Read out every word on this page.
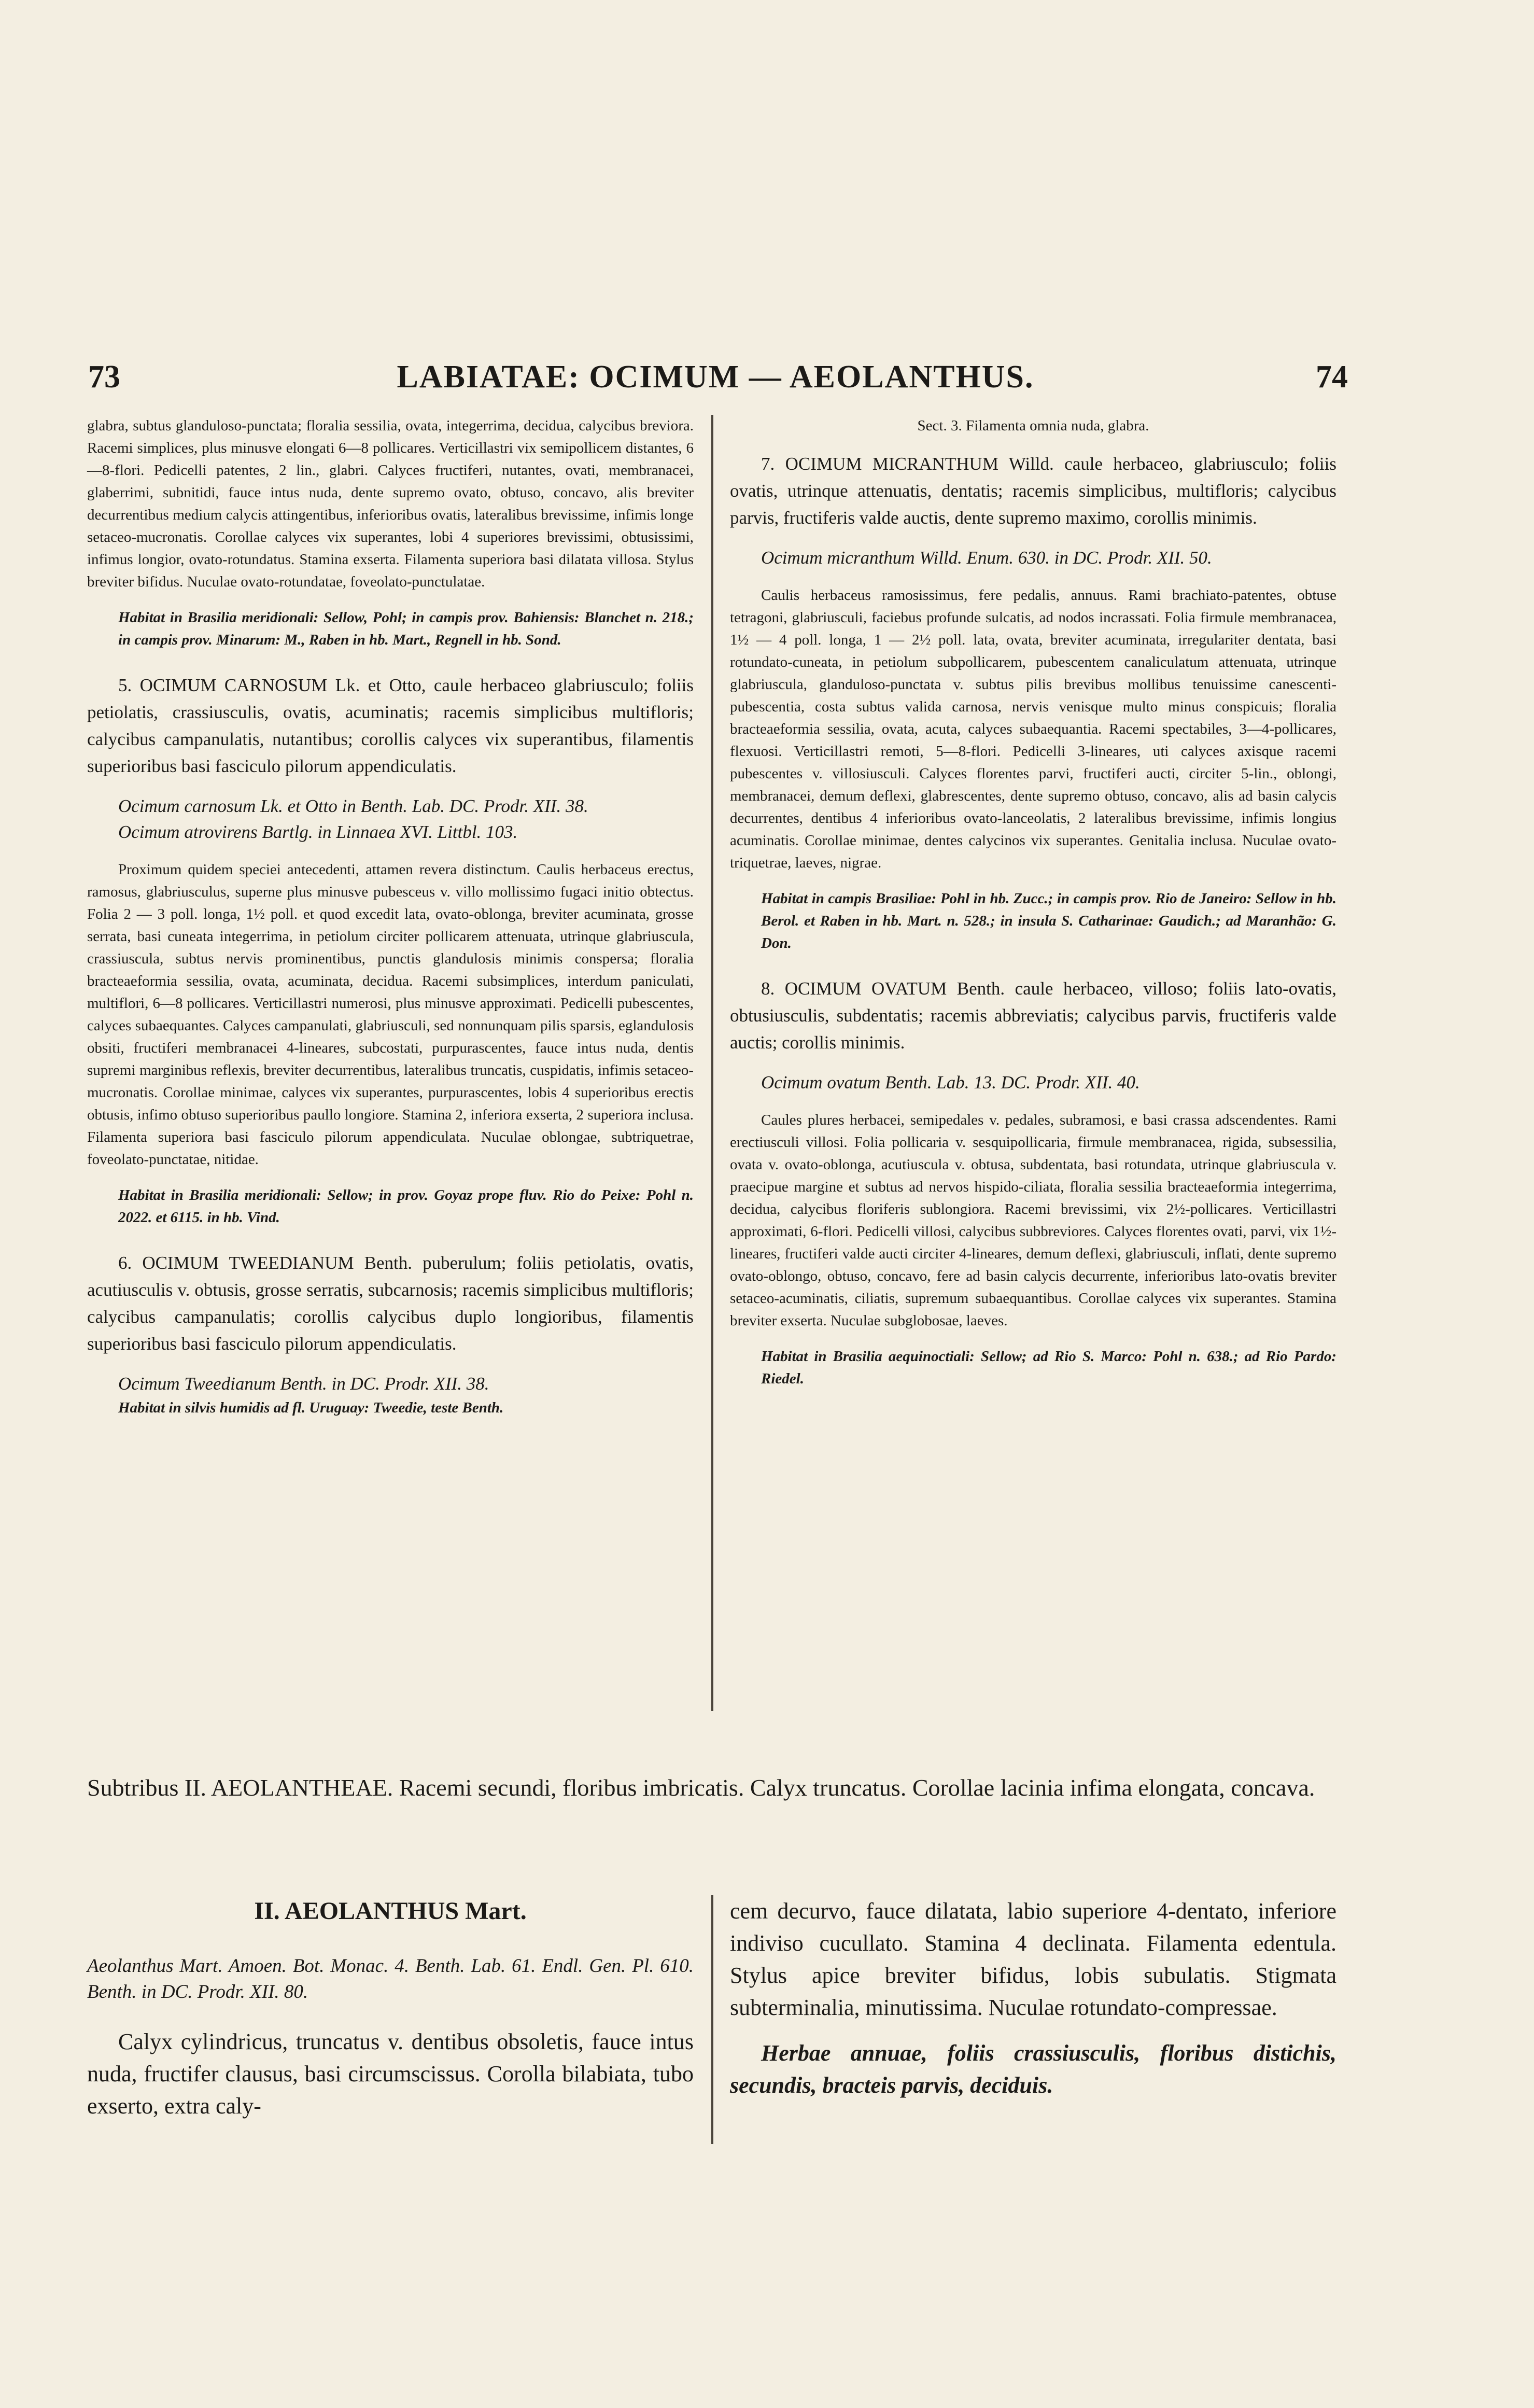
73	LABIATAE: OCIMUM — AEOLANTHUS.	74

glabra, subtus glanduloso-punctata; floralia sessilia, ovata, integerrima, decidua, calycibus breviora. Racemi simplices, plus minusve elongati 6—8 pollicares. Verticillastri vix semipollicem distantes, 6—8-flori. Pedicelli patentes, 2 lin., glabri. Calyces fructiferi, nutantes, ovati, membranacei, glaberrimi, subnitidi, fauce intus nuda, dente supremo ovato, obtuso, concavo, alis breviter decurrentibus medium calycis attingentibus, inferioribus ovatis, lateralibus brevissime, infimis longe setaceo-mucronatis. Corollae calyces vix superantes, lobi 4 superiores brevissimi, obtusissimi, infimus longior, ovato-rotundatus. Stamina exserta. Filamenta superiora basi dilatata villosa. Stylus breviter bifidus. Nuculae ovato-rotundatae, foveolato-punctulatae.

Habitat in Brasilia meridionali: Sellow, Pohl; in campis prov. Bahiensis: Blanchet n. 218.; in campis prov. Minarum: M., Raben in hb. Mart., Regnell in hb. Sond.

5. OCIMUM CARNOSUM Lk. et Otto, caule herbaceo glabriusculo; foliis petiolatis, crassiusculis, ovatis, acuminatis; racemis simplicibus multifloris; calycibus campanulatis, nutantibus; corollis calyces vix superantibus, filamentis superioribus basi fasciculo pilorum appendiculatis.

Ocimum carnosum Lk. et Otto in Benth. Lab. DC. Prodr. XII. 38.

Ocimum atrovirens Bartlg. in Linnaea XVI. Littbl. 103.

Proximum quidem speciei antecedenti, attamen revera distinctum. Caulis herbaceus erectus, ramosus, glabriusculus, superne plus minusve pubesceus v. villo mollissimo fugaci initio obtectus. Folia 2 — 3 poll. longa, 1½ poll. et quod excedit lata, ovato-oblonga, breviter acuminata, grosse serrata, basi cuneata integerrima, in petiolum circiter pollicarem attenuata, utrinque glabriuscula, crassiuscula, subtus nervis prominentibus, punctis glandulosis minimis conspersa; floralia bracteaeformia sessilia, ovata, acuminata, decidua. Racemi subsimplices, interdum paniculati, multiflori, 6—8 pollicares. Verticillastri numerosi, plus minusve approximati. Pedicelli pubescentes, calyces subaequantes. Calyces campanulati, glabriusculi, sed nonnunquam pilis sparsis, eglandulosis obsiti, fructiferi membranacei 4-lineares, subcostati, purpurascentes, fauce intus nuda, dentis supremi marginibus reflexis, breviter decurrentibus, lateralibus truncatis, cuspidatis, infimis setaceo-mucronatis. Corollae minimae, calyces vix superantes, purpurascentes, lobis 4 superioribus erectis obtusis, infimo obtuso superioribus paullo longiore. Stamina 2, inferiora exserta, 2 superiora inclusa. Filamenta superiora basi fasciculo pilorum appendiculata. Nuculae oblongae, subtriquetrae, foveolato-punctatae, nitidae.

Habitat in Brasilia meridionali: Sellow; in prov. Goyaz prope fluv. Rio do Peixe: Pohl n. 2022. et 6115. in hb. Vind.

6. OCIMUM TWEEDIANUM Benth. puberulum; foliis petiolatis, ovatis, acutiusculis v. obtusis, grosse serratis, subcarnosis; racemis simplicibus multifloris; calycibus campanulatis; corollis calycibus duplo longioribus, filamentis superioribus basi fasciculo pilorum appendiculatis.

Ocimum Tweedianum Benth. in DC. Prodr. XII. 38.

Habitat in silvis humidis ad fl. Uruguay: Tweedie, teste Benth.

Sect. 3. Filamenta omnia nuda, glabra.

7. OCIMUM MICRANTHUM Willd. caule herbaceo, glabriusculo; foliis ovatis, utrinque attenuatis, dentatis; racemis simplicibus, multifloris; calycibus parvis, fructiferis valde auctis, dente supremo maximo, corollis minimis.

Ocimum micranthum Willd. Enum. 630. in DC. Prodr. XII. 50.

Caulis herbaceus ramosissimus, fere pedalis, annuus. Rami brachiato-patentes, obtuse tetragoni, glabriusculi, faciebus profunde sulcatis, ad nodos incrassati. Folia firmule membranacea, 1½ — 4 poll. longa, 1 — 2½ poll. lata, ovata, breviter acuminata, irregulariter dentata, basi rotundato-cuneata, in petiolum subpollicarem, pubescentem canaliculatum attenuata, utrinque glabriuscula, glanduloso-punctata v. subtus pilis brevibus mollibus tenuissime canescenti-pubescentia, costa subtus valida carnosa, nervis venisque multo minus conspicuis; floralia bracteaeformia sessilia, ovata, acuta, calyces subaequantia. Racemi spectabiles, 3—4-pollicares, flexuosi. Verticillastri remoti, 5—8-flori. Pedicelli 3-lineares, uti calyces axisque racemi pubescentes v. villosiusculi. Calyces florentes parvi, fructiferi aucti, circiter 5-lin., oblongi, membranacei, demum deflexi, glabrescentes, dente supremo obtuso, concavo, alis ad basin calycis decurrentes, dentibus 4 inferioribus ovato-lanceolatis, 2 lateralibus brevissime, infimis longius acuminatis. Corollae minimae, dentes calycinos vix superantes. Genitalia inclusa. Nuculae ovato-triquetrae, laeves, nigrae.

Habitat in campis Brasiliae: Pohl in hb. Zucc.; in campis prov. Rio de Janeiro: Sellow in hb. Berol. et Raben in hb. Mart. n. 528.; in insula S. Catharinae: Gaudich.; ad Maranhão: G. Don.

8. OCIMUM OVATUM Benth. caule herbaceo, villoso; foliis lato-ovatis, obtusiusculis, subdentatis; racemis abbreviatis; calycibus parvis, fructiferis valde auctis; corollis minimis.

Ocimum ovatum Benth. Lab. 13. DC. Prodr. XII. 40.

Caules plures herbacei, semipedales v. pedales, subramosi, e basi crassa adscendentes. Rami erectiusculi villosi. Folia pollicaria v. sesquipollicaria, firmule membranacea, rigida, subsessilia, ovata v. ovato-oblonga, acutiuscula v. obtusa, subdentata, basi rotundata, utrinque glabriuscula v. praecipue margine et subtus ad nervos hispido-ciliata, floralia sessilia bracteaeformia integerrima, decidua, calycibus floriferis sublongiora. Racemi brevissimi, vix 2½-pollicares. Verticillastri approximati, 6-flori. Pedicelli villosi, calycibus subbreviores. Calyces florentes ovati, parvi, vix 1½-lineares, fructiferi valde aucti circiter 4-lineares, demum deflexi, glabriusculi, inflati, dente supremo ovato-oblongo, obtuso, concavo, fere ad basin calycis decurrente, inferioribus lato-ovatis breviter setaceo-acuminatis, ciliatis, supremum subaequantibus. Corollae calyces vix superantes. Stamina breviter exserta. Nuculae subglobosae, laeves.

Habitat in Brasilia aequinoctiali: Sellow; ad Rio S. Marco: Pohl n. 638.; ad Rio Pardo: Riedel.

Subtribus II. AEOLANTHEAE. Racemi secundi, floribus imbricatis. Calyx truncatus. Corollae lacinia infima elongata, concava.

II. AEOLANTHUS Mart.

Aeolanthus Mart. Amoen. Bot. Monac. 4. Benth. Lab. 61. Endl. Gen. Pl. 610. Benth. in DC. Prodr. XII. 80.

Calyx cylindricus, truncatus v. dentibus obsoletis, fauce intus nuda, fructifer clausus, basi circumscissus. Corolla bilabiata, tubo exserto, extra caly-

cem decurvo, fauce dilatata, labio superiore 4-dentato, inferiore indiviso cucullato. Stamina 4 declinata. Filamenta edentula. Stylus apice breviter bifidus, lobis subulatis. Stigmata subterminalia, minutissima. Nuculae rotundato-compressae.

Herbae annuae, foliis crassiusculis, floribus distichis, secundis, bracteis parvis, deciduis.
